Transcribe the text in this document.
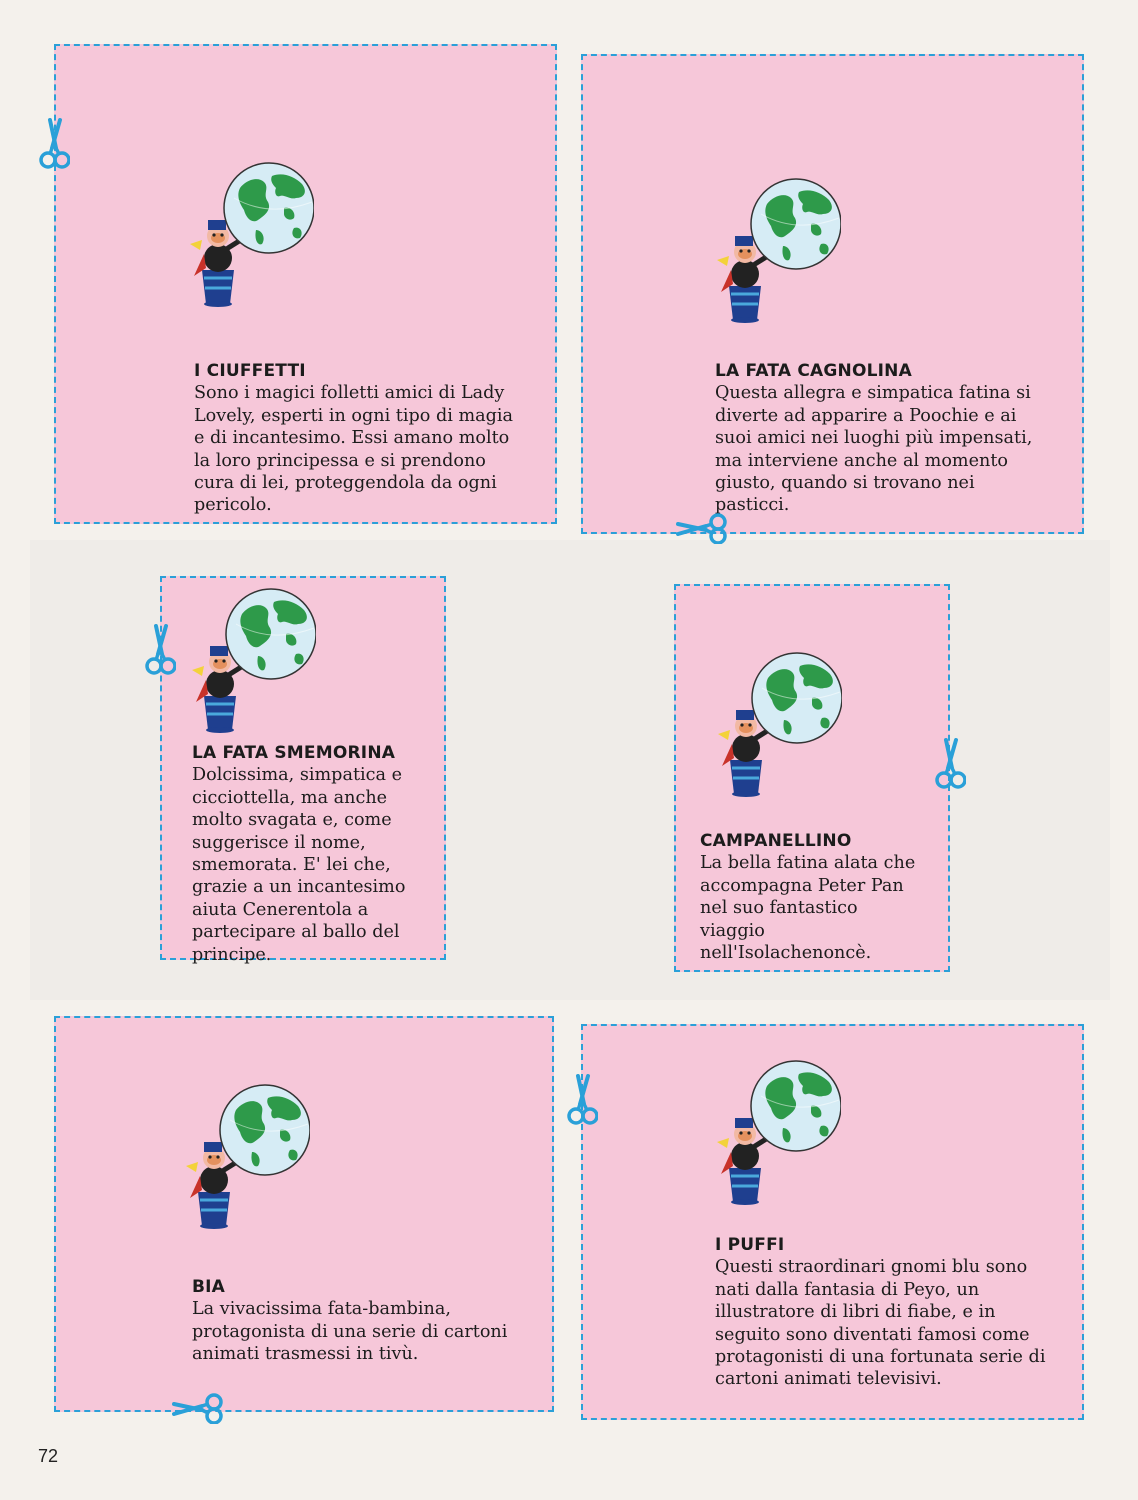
I CIUFFETTI

Sono i magici folletti amici di Lady Lovely, esperti in ogni tipo di magia e di incantesimo. Essi amano molto la loro principessa e si prendono cura di lei, proteggendola da ogni pericolo.

LA FATA CAGNOLINA

Questa allegra e simpatica fatina si diverte ad apparire a Poochie e ai suoi amici nei luoghi più impensati, ma interviene anche al momento giusto, quando si trovano nei pasticci.

LA FATA SMEMORINA

Dolcissima, simpatica e cicciottella, ma anche molto svagata e, come suggerisce il nome, smemorata. E' lei che, grazie a un incantesimo aiuta Cenerentola a partecipare al ballo del principe.

CAMPANELLINO

La bella fatina alata che accompagna Peter Pan nel suo fantastico viaggio nell'Isolachenoncè.

BIA

La vivacissima fata-bambina, protagonista di una serie di cartoni animati trasmessi in tivù.

I PUFFI

Questi straordinari gnomi blu sono nati dalla fantasia di Peyo, un illustratore di libri di fiabe, e in seguito sono diventati famosi come protagonisti di una fortunata serie di cartoni animati televisivi.

72
